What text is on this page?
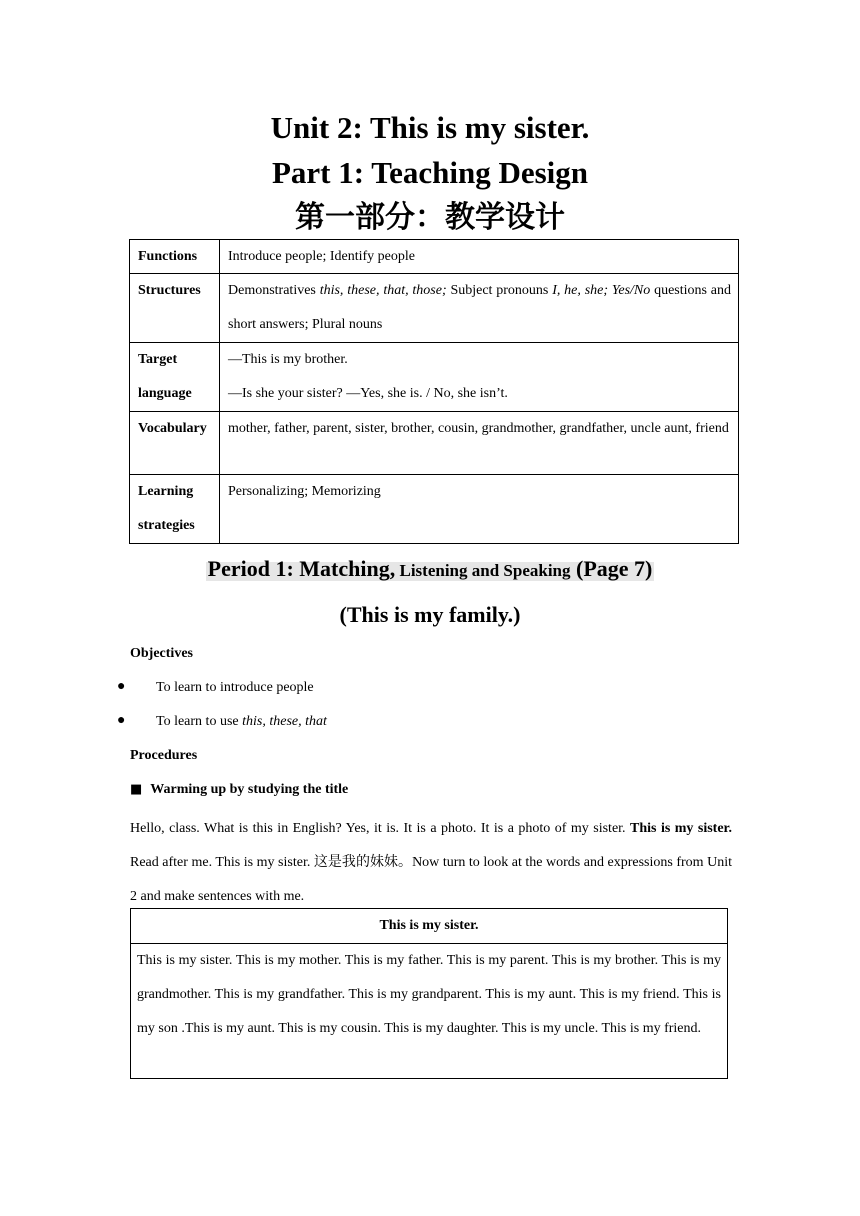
Unit 2: This is my sister.
Part 1: Teaching Design
第一部分：教学设计
Functions	Introduce people; Identify people
Structures	Demonstratives this, these, that, those; Subject pronouns I, he, she; Yes/No questions and short answers; Plural nouns
Target language	—This is my brother.
—Is she your sister? —Yes, she is. / No, she isn’t.
Vocabulary	mother, father, parent, sister, brother, cousin, grandmother, grandfather, uncle aunt, friend
Learning strategies	Personalizing; Memorizing
Period 1: Matching, Listening and Speaking (Page 7)
(This is my family.)
Objectives
● To learn to introduce people
● To learn to use this, these, that
Procedures
■ Warming up by studying the title
Hello, class. What is this in English? Yes, it is. It is a photo. It is a photo of my sister. This is my sister. Read after me. This is my sister. 这是我的妹妹。Now turn to look at the words and expressions from Unit 2 and make sentences with me.
This is my sister.
This is my sister. This is my mother. This is my father. This is my parent. This is my brother. This is my grandmother. This is my grandfather. This is my grandparent. This is my aunt. This is my friend. This is my son .This is my aunt. This is my cousin. This is my daughter. This is my uncle. This is my friend.
